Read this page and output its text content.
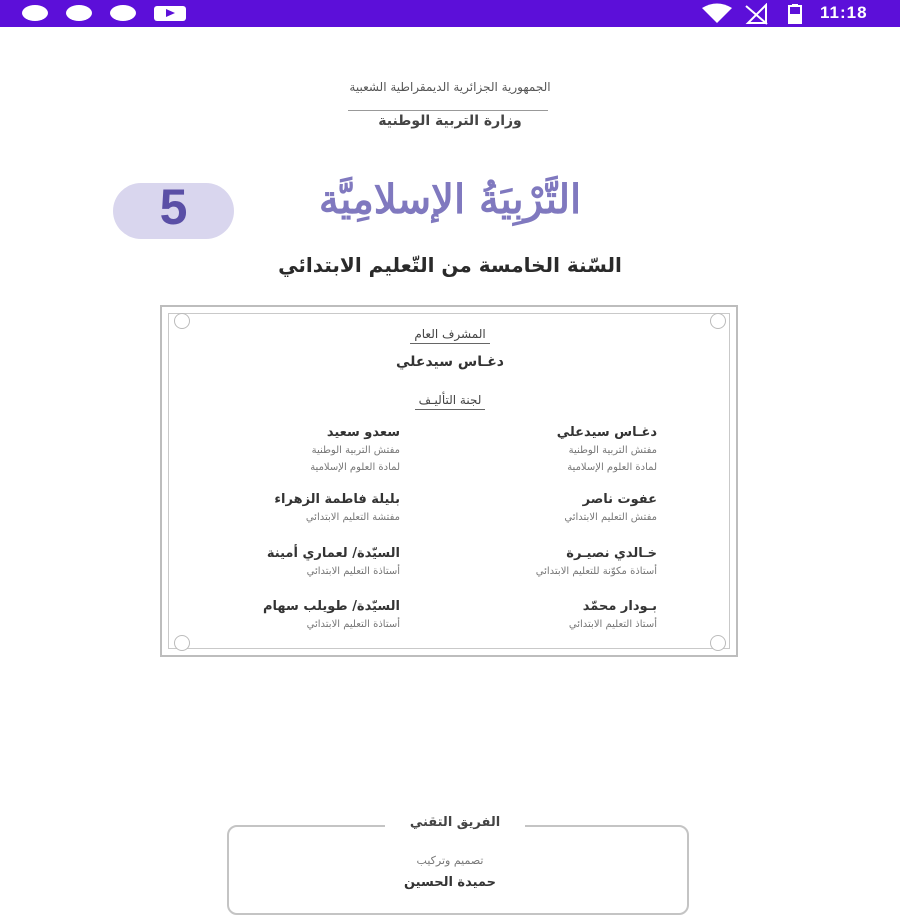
11:18
الجمهورية الجزائرية الديمقراطية الشعبية
وزارة التربية الوطنية
5	التَّرْبِيَةُ الإسلامِيَّة
السّنة الخامسة من التّعليم الابتدائي
المشرف العام
دغـاس سيدعلي
لجنة التأليـف
دغـاس سيدعلي
مفتش التربية الوطنية
لمادة العلوم الإسلامية
سعدو سعيد
مفتش التربية الوطنية
لمادة العلوم الإسلامية
عفوت ناصر
مفتش التعليم الابتدائي
بليلة فاطمة الزهراء
مفتشة التعليم الابتدائي
خـالدي نصيـرة
أستاذة مكوّنة للتعليم الابتدائي
السيّدة/ لعماري أمينة
أستاذة التعليم الابتدائي
بـودار محمّد
أستاذ التعليم الابتدائي
السيّدة/ طويلب سهام
أستاذة التعليم الابتدائي
الفريق التقني
تصميم وتركيب
حميدة الحسين
